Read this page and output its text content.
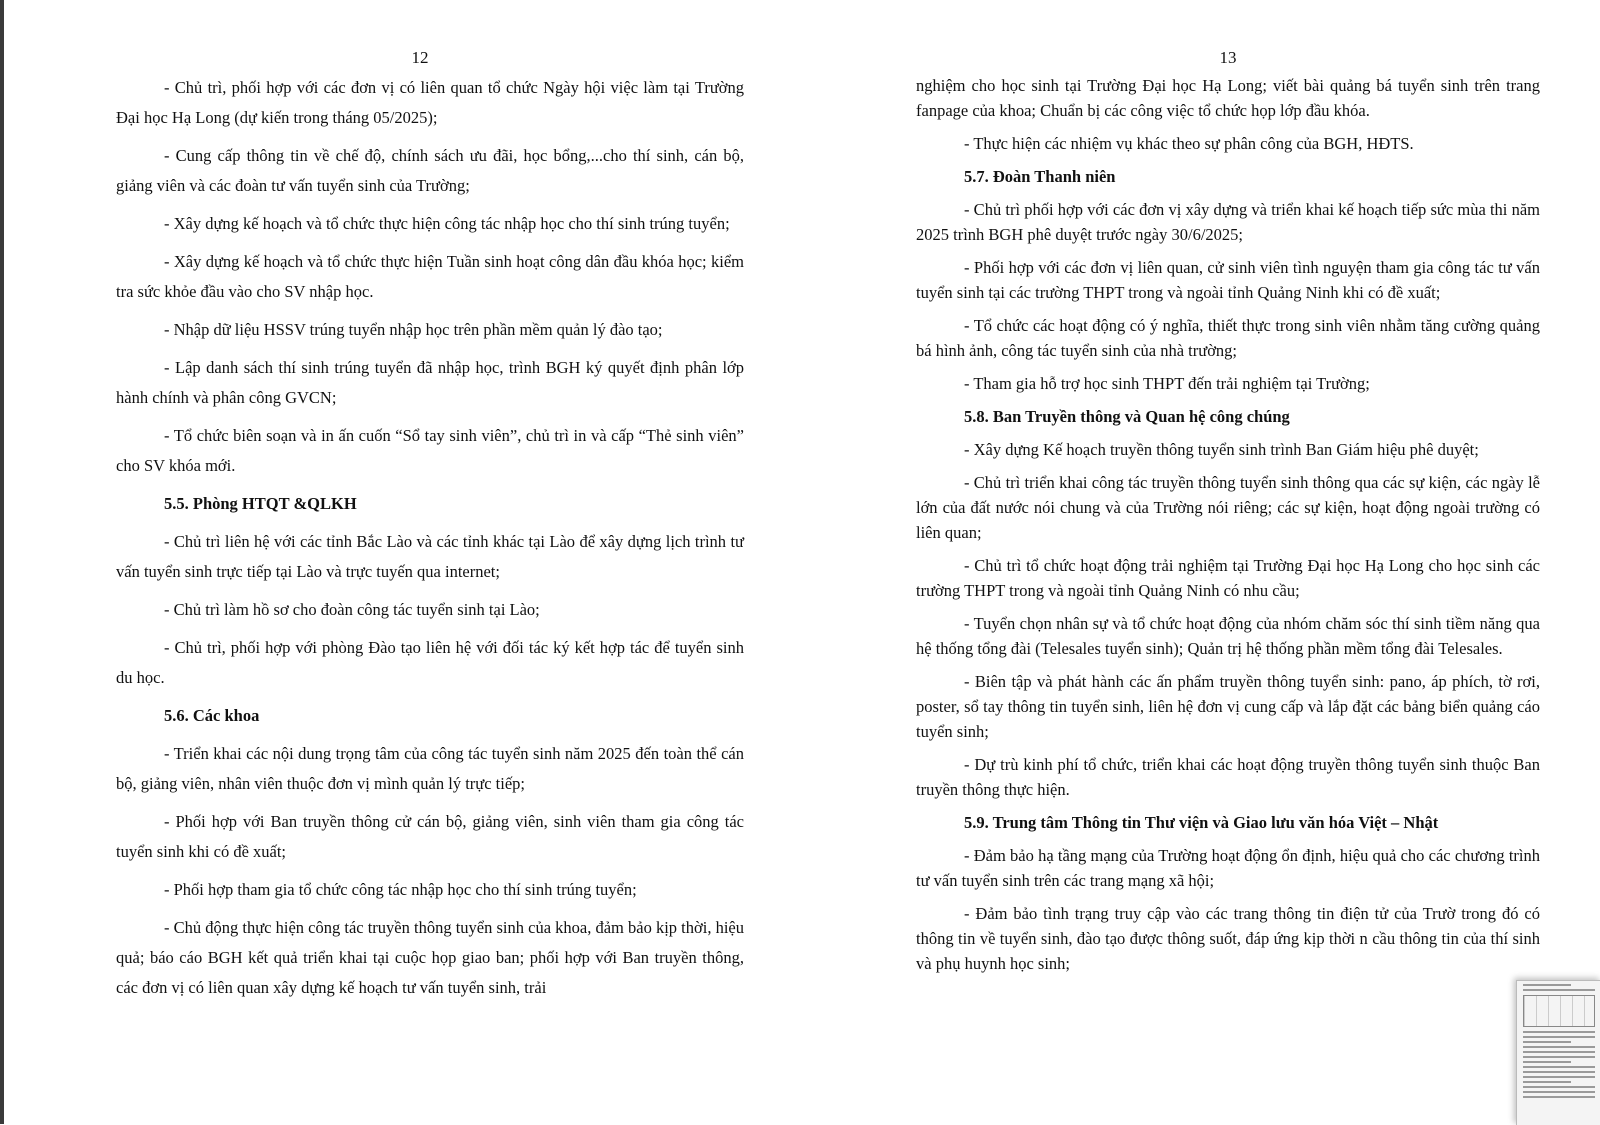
12

- Chủ trì, phối hợp với các đơn vị có liên quan tổ chức Ngày hội việc làm tại Trường Đại học Hạ Long (dự kiến trong tháng 05/2025);

- Cung cấp thông tin về chế độ, chính sách ưu đãi, học bổng,...cho thí sinh, cán bộ, giảng viên và các đoàn tư vấn tuyển sinh của Trường;

- Xây dựng kế hoạch và tổ chức thực hiện công tác nhập học cho thí sinh trúng tuyển;

- Xây dựng kế hoạch và tổ chức thực hiện Tuần sinh hoạt công dân đầu khóa học; kiểm tra sức khỏe đầu vào cho SV nhập học.

- Nhập dữ liệu HSSV trúng tuyển nhập học trên phần mềm quản lý đào tạo;

- Lập danh sách thí sinh trúng tuyển đã nhập học, trình BGH ký quyết định phân lớp hành chính và phân công GVCN;

- Tổ chức biên soạn và in ấn cuốn “Sổ tay sinh viên”, chủ trì in và cấp “Thẻ sinh viên” cho SV khóa mới.

5.5. Phòng HTQT &QLKH

- Chủ trì liên hệ với các tỉnh Bắc Lào và các tỉnh khác tại Lào để xây dựng lịch trình tư vấn tuyển sinh trực tiếp tại Lào và trực tuyến qua internet;

- Chủ trì làm hồ sơ cho đoàn công tác tuyển sinh tại Lào;

- Chủ trì, phối hợp với phòng Đào tạo liên hệ với đối tác ký kết hợp tác để tuyển sinh du học.

5.6. Các khoa

- Triển khai các nội dung trọng tâm của công tác tuyển sinh năm 2025 đến toàn thể cán bộ, giảng viên, nhân viên thuộc đơn vị mình quản lý trực tiếp;

- Phối hợp với Ban truyền thông cử cán bộ, giảng viên, sinh viên tham gia công tác tuyển sinh khi có đề xuất;

- Phối hợp tham gia tổ chức công tác nhập học cho thí sinh trúng tuyển;

- Chủ động thực hiện công tác truyền thông tuyển sinh của khoa, đảm bảo kịp thời, hiệu quả; báo cáo BGH kết quả triển khai tại cuộc họp giao ban; phối hợp với Ban truyền thông, các đơn vị có liên quan xây dựng kế hoạch tư vấn tuyển sinh, trải

13

nghiệm cho học sinh tại Trường Đại học Hạ Long; viết bài quảng bá tuyển sinh trên trang fanpage của khoa; Chuẩn bị các công việc tổ chức họp lớp đầu khóa.

- Thực hiện các nhiệm vụ khác theo sự phân công của BGH, HĐTS.

5.7. Đoàn Thanh niên

- Chủ trì phối hợp với các đơn vị xây dựng và triển khai kế hoạch tiếp sức mùa thi năm 2025 trình BGH phê duyệt trước ngày 30/6/2025;

- Phối hợp với các đơn vị liên quan, cử sinh viên tình nguyện tham gia công tác tư vấn tuyển sinh tại các trường THPT trong và ngoài tỉnh Quảng Ninh khi có đề xuất;

- Tổ chức các hoạt động có ý nghĩa, thiết thực trong sinh viên nhằm tăng cường quảng bá hình ảnh, công tác tuyển sinh của nhà trường;

- Tham gia hỗ trợ học sinh THPT đến trải nghiệm tại Trường;

5.8. Ban Truyền thông và Quan hệ công chúng

- Xây dựng Kế hoạch truyền thông tuyển sinh trình Ban Giám hiệu phê duyệt;

- Chủ trì triển khai công tác truyền thông tuyển sinh thông qua các sự kiện, các ngày lễ lớn của đất nước nói chung và của Trường nói riêng; các sự kiện, hoạt động ngoài trường có liên quan;

- Chủ trì tổ chức hoạt động trải nghiệm tại Trường Đại học Hạ Long cho học sinh các trường THPT trong và ngoài tỉnh Quảng Ninh có nhu cầu;

- Tuyển chọn nhân sự và tổ chức hoạt động của nhóm chăm sóc thí sinh tiềm năng qua hệ thống tổng đài (Telesales tuyển sinh); Quản trị hệ thống phần mềm tổng đài Telesales.

- Biên tập và phát hành các ấn phẩm truyền thông tuyển sinh: pano, áp phích, tờ rơi, poster, sổ tay thông tin tuyển sinh, liên hệ đơn vị cung cấp và lắp đặt các bảng biển quảng cáo tuyển sinh;

- Dự trù kinh phí tổ chức, triển khai các hoạt động truyền thông tuyển sinh thuộc Ban truyền thông thực hiện.

5.9. Trung tâm Thông tin Thư viện và Giao lưu văn hóa Việt – Nhật

- Đảm bảo hạ tầng mạng của Trường hoạt động ổn định, hiệu quả cho các chương trình tư vấn tuyển sinh trên các trang mạng xã hội;

- Đảm bảo tình trạng truy cập vào các trang thông tin điện tử của Trườ trong đó có thông tin về tuyển sinh, đào tạo được thông suốt, đáp ứng kịp thời n cầu thông tin của thí sinh và phụ huynh học sinh;
